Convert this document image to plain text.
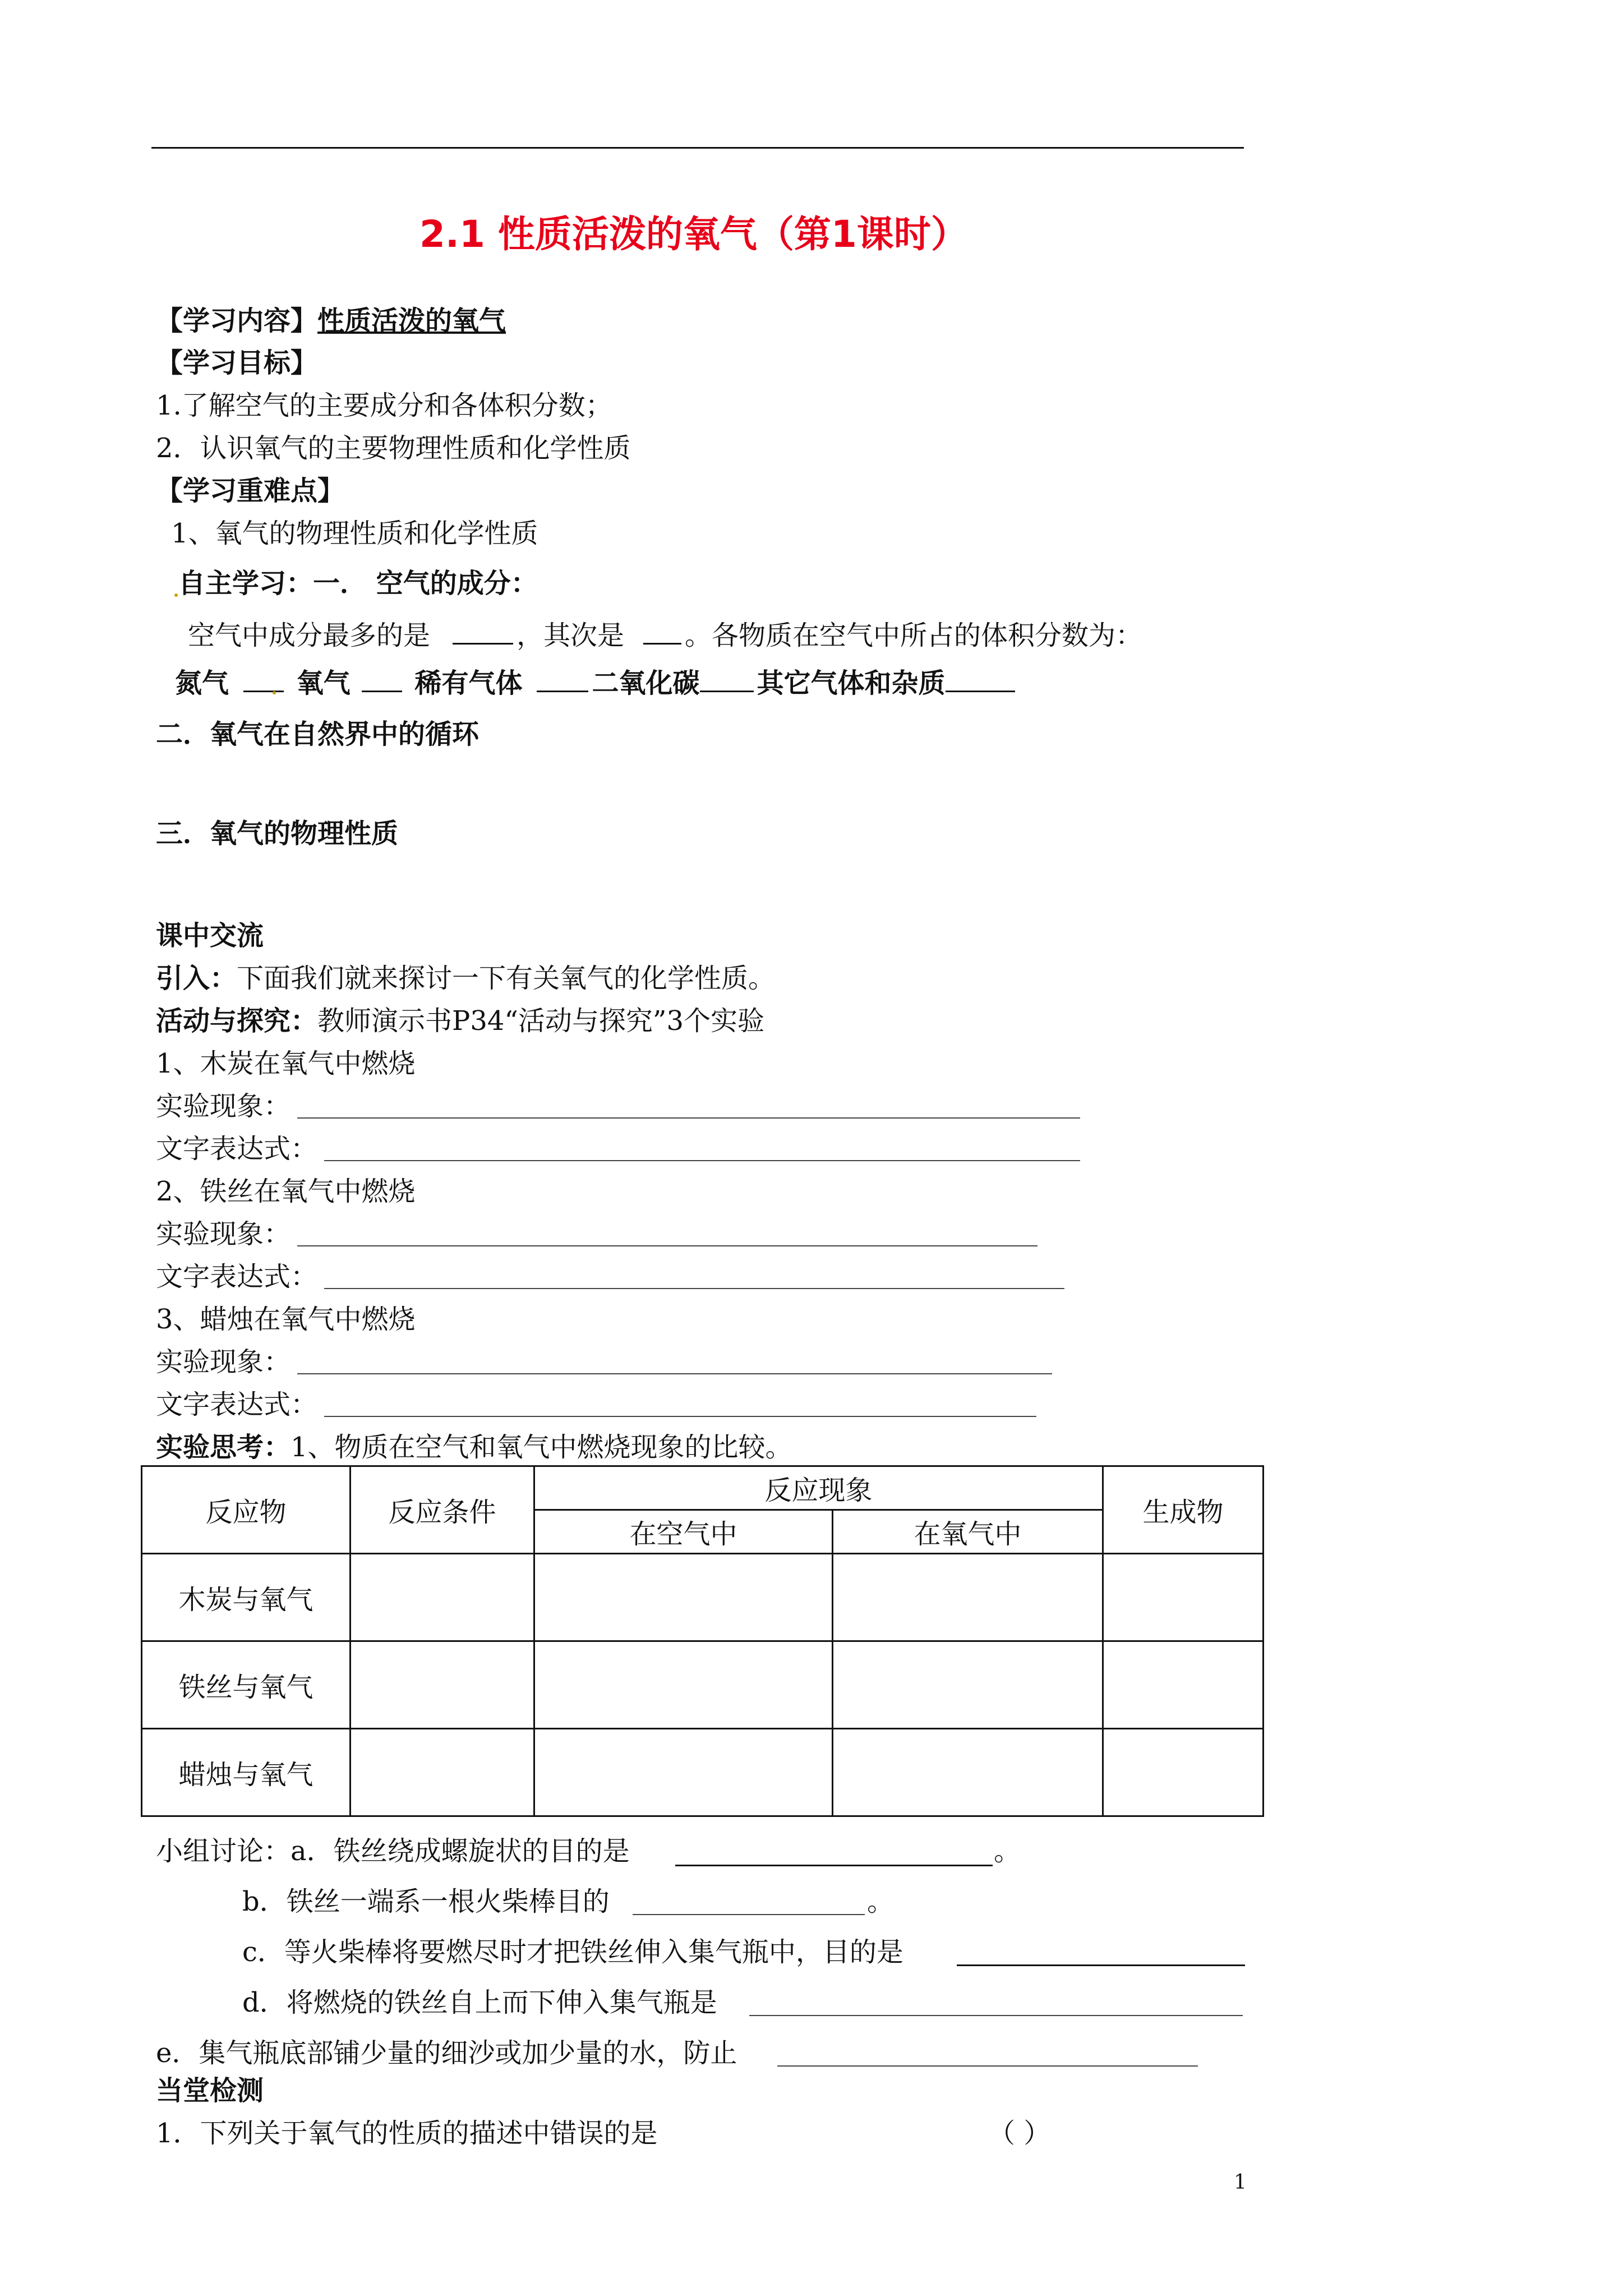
2.1 性质活泼的氧气（第1课时）
【学习内容】性质活泼的氧气
【学习目标】
1.了解空气的主要成分和各体积分数；
2．认识氧气的主要物理性质和化学性质
【学习重难点】
1、氧气的物理性质和化学性质
自主学习：一． 空气的成分：
空气中成分最多的是	，其次是 。各物质在空气中所占的体积分数为：
氮气	氧气 稀有气体	二氧化碳 其它气体和杂质
二．氧气在自然界中的循环
三．氧气的物理性质
课中交流
引入：下面我们就来探讨一下有关氧气的化学性质。
活动与探究：教师演示书P34“活动与探究”3个实验
1、木炭在氧气中燃烧
实验现象：
文字表达式：
2、铁丝在氧气中燃烧
实验现象：
文字表达式：
3、蜡烛在氧气中燃烧
实验现象：
文字表达式：
实验思考：1、物质在空气和氧气中燃烧现象的比较。
反应物	反应条件	反应现象		生成物
		在空气中	在氧气中	
木炭与氧气				
铁丝与氧气				
蜡烛与氧气				
小组讨论：a．铁丝绕成螺旋状的目的是	。
b．铁丝一端系一根火柴棒目的	。
c．等火柴棒将要燃尽时才把铁丝伸入集气瓶中，目的是
d．将燃烧的铁丝自上而下伸入集气瓶是
e．集气瓶底部铺少量的细沙或加少量的水，防止
当堂检测
1．下列关于氧气的性质的描述中错误的是	（ ）
1
